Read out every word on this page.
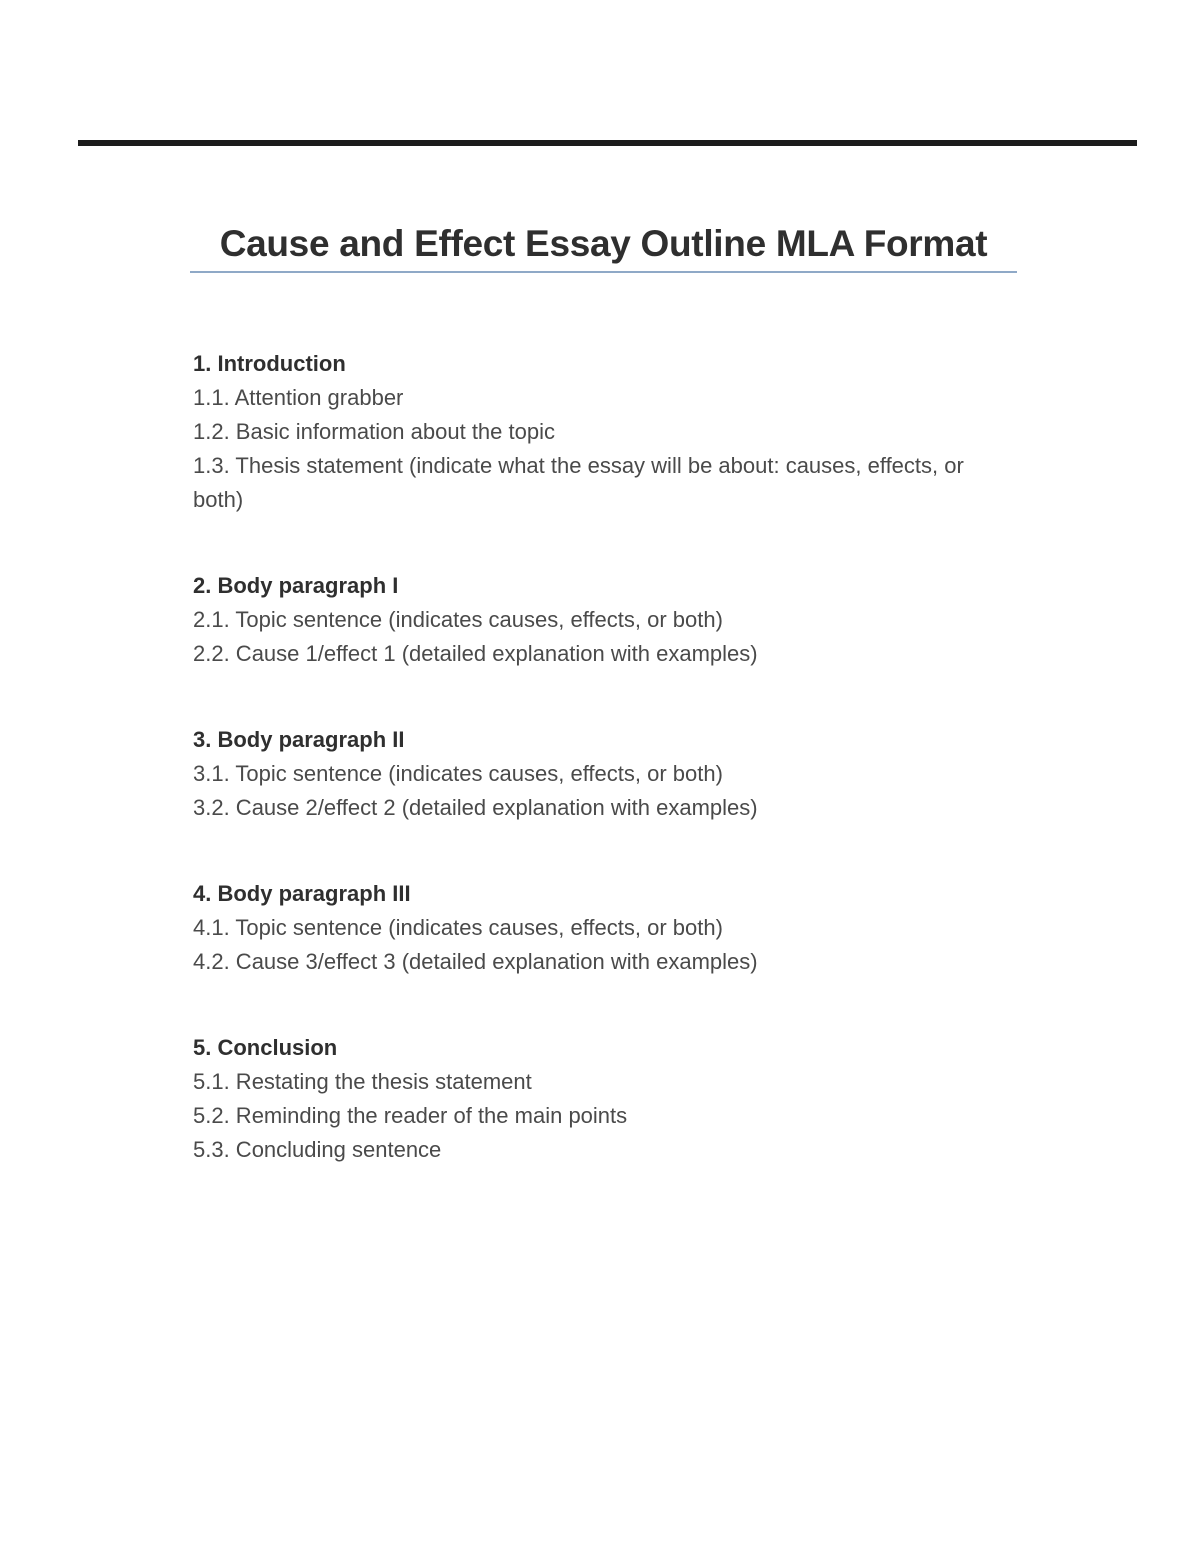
Cause and Effect Essay Outline MLA Format

1. Introduction

1.1. Attention grabber

1.2. Basic information about the topic

1.3. Thesis statement (indicate what the essay will be about: causes, effects, or both)

2. Body paragraph I

2.1. Topic sentence (indicates causes, effects, or both)

2.2. Cause 1/effect 1 (detailed explanation with examples)

3. Body paragraph II

3.1. Topic sentence (indicates causes, effects, or both)

3.2. Cause 2/effect 2 (detailed explanation with examples)

4. Body paragraph III

4.1. Topic sentence (indicates causes, effects, or both)

4.2. Cause 3/effect 3 (detailed explanation with examples)

5. Conclusion

5.1. Restating the thesis statement

5.2. Reminding the reader of the main points

5.3. Concluding sentence
